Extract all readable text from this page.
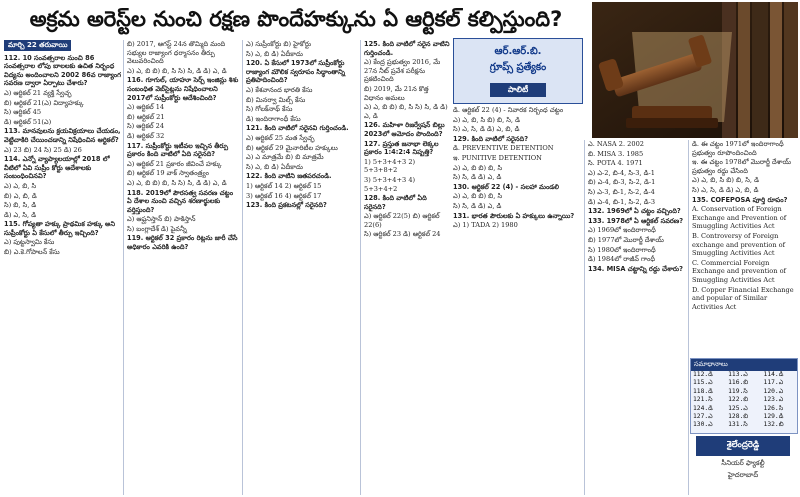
అక్రమ అరెస్ట్‌ల నుంచి రక్షణ పొందేహక్కును ఏ ఆర్టికల్ కల్పిస్తుంది?
మార్చి 22 తరువాయి

112. 10 సంవత్సరాల నుంచి 86 సంవత్సరాల లోపు బాలలకు ఉచిత నిర్బంధ విద్యను అందించాలని 2002 86వ రాజ్యాంగ సవరణ ద్వారా ఏర్పాటు చేశారు?

ఎ) ఆర్టికల్ 21 వ్యక్తి స్వేచ్ఛ

బి) ఆర్టికల్ 21(ఎ) విద్యాహక్కు

సి) ఆర్టికల్ 45

డి) ఆర్టికల్ 51(ఎ)

113. మానవులను క్రయవిక్రయాలు చేయడం, వెట్టిచాకిరి చేయించడాన్ని నిషేధించిన ఆర్టికల్?

ఎ) 23 బి) 24 సి) 25 డి) 26

114. ఎన్నో వ్యాప్యాలయాల్లో 2018 లో వీటిలో ఏవి సుప్రీం కోర్టు ఆదేశాలకు సంబంధించినవి?

ఎ) ఎ, బి, సి

బి) ఎ, బి, డి

సి) బి, సి, డి

డి) ఎ, సి, డి

115. గోప్యతా హక్కు ప్రాథమిక హక్కు అని సుప్రీంకోర్టు ఏ కేసులో తీర్పు ఇచ్చింది?

ఎ) పుట్టస్వామి కేసు

బి) ఎ.కె.గోపాలన్ కేసు

బి) 2017, ఆగస్ట్ 24న తొమ్మిది మంది సభ్యుల రాజ్యాంగ ధర్మాసనం తీర్పు వెలువరించింది

ఎ) ఎ, బి బి) బి, సి సి) సి, డి డి) ఎ, డి

116. గూగుల్, యాహూ సెర్చ్ ఇంజిన్లు శిశు సంబంధిత వెబ్‌సైట్లను నిషేధించాలని 2017లో సుప్రీంకోర్టు ఆదేశించింది?

ఎ) ఆర్టికల్ 14

బి) ఆర్టికల్ 21

సి) ఆర్టికల్ 24

డి) ఆర్టికల్ 32

117. సుప్రీంకోర్టు ఇటీవల ఇచ్చిన తీర్పు ప్రకారం కింది వాటిలో ఏది సరైనది?

ఎ) ఆర్టికల్ 21 ప్రకారం జీవించే హక్కు

బి) ఆర్టికల్ 19 వాక్ స్వాతంత్ర్యం

ఎ) ఎ, బి బి) బి, సి సి) సి, డి డి) ఎ, డి

118. 2019లో పౌరసత్వ సవరణ చట్టం ఏ దేశాల నుంచి వచ్చిన శరణార్థులకు వర్తిస్తుంది?

ఎ) ఆఫ్ఘనిస్తాన్ బి) పాకిస్తాన్

సి) బంగ్లాదేశ్ డి) పైవన్నీ

119. ఆర్టికల్ 32 ప్రకారం రిట్లను జారీ చేసే అధికారం ఎవరికి ఉంది?

ఎ) సుప్రీంకోర్టు బి) హైకోర్టు

సి) ఎ, బి డి) ఏదీకాదు

120. ఏ కేసులో 1973లో సుప్రీంకోర్టు రాజ్యాంగ మౌలిక స్వరూపం సిద్ధాంతాన్ని ప్రతిపాదించింది?

ఎ) కేశవానంద భారతి కేసు

బి) మినర్వా మిల్స్ కేసు

సి) గోలక్‌నాథ్ కేసు

డి) ఇందిరాగాంధీ కేసు

121. కింది వాటిలో సరైనవి గుర్తించండి.

ఎ) ఆర్టికల్ 25 మత స్వేచ్ఛ

బి) ఆర్టికల్ 29 మైనారిటీల హక్కులు

ఎ) ఎ మాత్రమే బి) బి మాత్రమే

సి) ఎ, బి డి) ఏదీకాదు

122. కింది వాటిని జతపరచండి.

1) ఆర్టికల్ 14 2) ఆర్టికల్ 15

3) ఆర్టికల్ 16 4) ఆర్టికల్ 17

123. కింది ప్రకటనల్లో సరైనది?

125. కింది వాటిలో సరైన వాటిని గుర్తించండి.

ఎ) కేంద్ర ప్రభుత్వం 2016, మే 27న నీట్ ప్రవేశ పరీక్షను ప్రకటించింది

బి) 2019, మే 21న కొత్త విధానం అమలు

ఎ) ఎ, బి బి) బి, సి సి) సి, డి డి) ఎ, డి

126. మహిళా రిజర్వేషన్ బిల్లు 2023లో ఆమోదం పొందింది?

127. ప్రస్తుత జనాభా లెక్కల ప్రకారం 1:4:2:4 నిష్పత్తి?

1) 5+3+4+3 2) 5+3+8+2

3) 5+3+4+3 4) 5+3+4+2

128. కింది వాటిలో ఏది సరైనది?

ఎ) ఆర్టికల్ 22(5) బి) ఆర్టికల్ 22(6)

సి) ఆర్టికల్ 23 డి) ఆర్టికల్ 24

ఆర్.ఆర్.బి.
గ్రూప్స్ ప్రత్యేకం
పాలిటీ

డి. ఆర్టికల్ 22 (4) - నివారక నిర్బంధ చట్టం

ఎ) ఎ, బి, సి బి) బి, సి, డి

సి) ఎ, సి, డి డి) ఎ, బి, డి

129. కింది వాటిలో సరైనది?

డి. PREVENTIVE DETENTION

ఇ. PUNITIVE DETENTION

ఎ) ఎ, బి బి) బి, సి

సి) సి, డి డి) ఎ, డి

130. ఆర్టికల్ 22 (4) - సలహా మండలి

ఎ) ఎ, బి బి) బి, సి

సి) సి, డి డి) ఎ, డి

131. భారత పౌరులకు ఏ హక్కులు ఉన్నాయి?

ఎ) 1) TADA 2) 1980

ఎ. NASA 2. 2002

బి. MISA 3. 1985

సి. POTA 4. 1971

ఎ) ఎ-2, బి-4, సి-3, డి-1

బి) ఎ-4, బి-3, సి-2, డి-1

సి) ఎ-3, బి-1, సి-2, డి-4

డి) ఎ-4, బి-1, సి-2, డి-3

132. 1969లో ఏ చట్టం వచ్చింది?

133. 1978లో ఏ ఆర్టికల్ సవరణ?

ఎ) 1969లో ఇందిరాగాంధీ

బి) 1977లో మొరార్జీ దేశాయ్

సి) 1980లో ఇందిరాగాంధీ

డి) 1984లో రాజీవ్ గాంధీ

134. MISA చట్టాన్ని రద్దు చేశారు?

డి. ఈ చట్టం 1971లో ఇందిరాగాంధీ ప్రభుత్వం రూపొందించింది

ఇ. ఈ చట్టం 1978లో మొరార్జీ దేశాయ్ ప్రభుత్వం రద్దు చేసింది

ఎ) ఎ, బి, సి బి) బి, సి, డి

సి) ఎ, సి, డి డి) ఎ, బి, డి

135. COFEPOSA పూర్తి రూపం?

A. Conservation of Foreign Exchange and Prevention of Smuggling Activities Act

B. Controversy of Foreign exchange and prevention of Smuggling Activities Act

C. Commercial Foreign Exchange and prevention of Smuggling Activities Act

D. Copper Financial Exchange and popular of Similar Activities Act

సమాధానాలు
112.డి	113.ఎ	114.డి
115.ఎ	116.బి	117.ఎ
118.డి	119.సి	120.ఎ
121.సి	122.బి	123.ఎ
124.డి	125.ఎ	126.సి
127.ఎ	128.బి	129.డి
130.ఎ	131.సి	132.బి
శైలేంద్రరెడ్డి
సీనియర్ ఫ్యాకల్టీ
హైదరాబాద్
